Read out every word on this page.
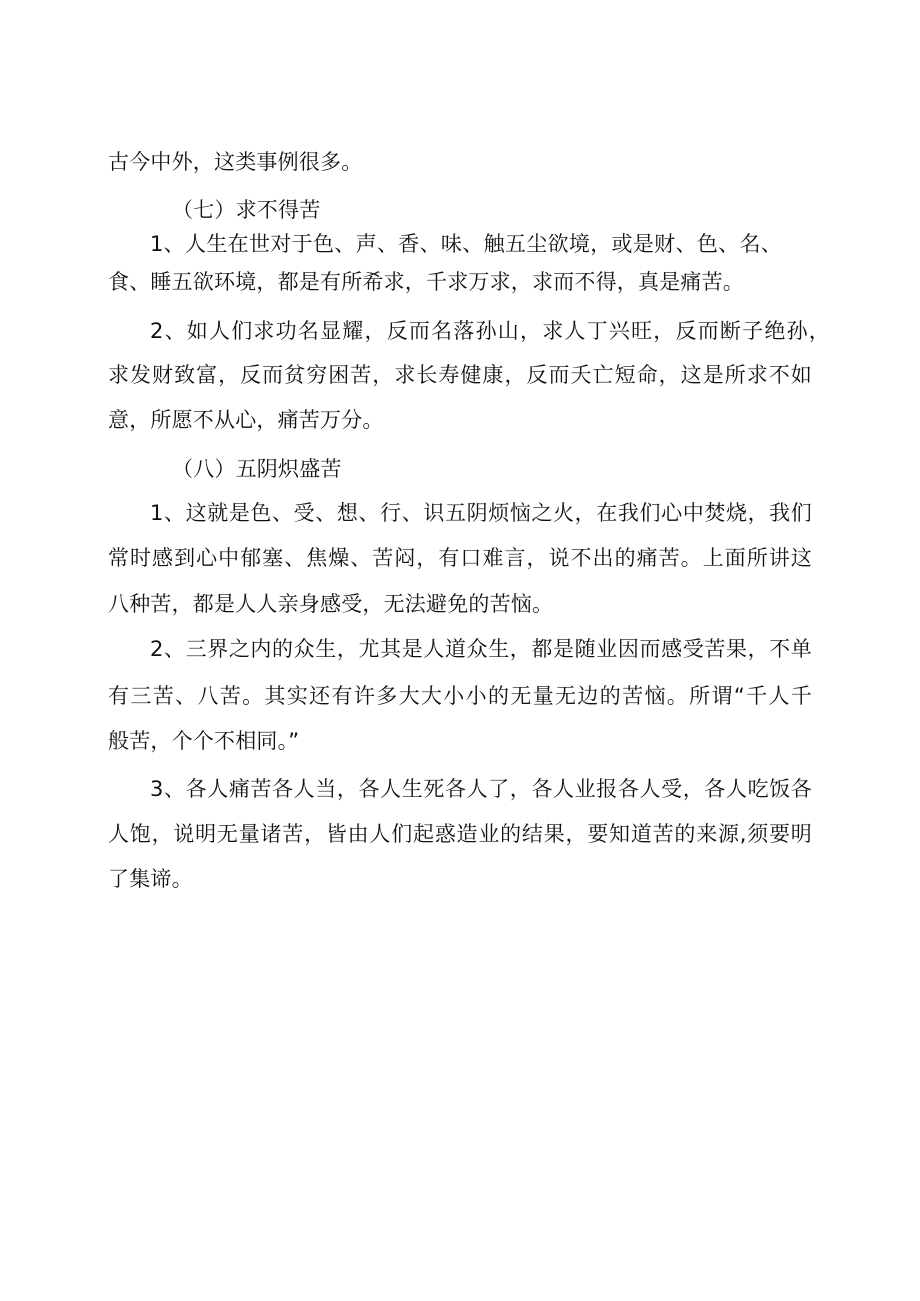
古今中外，这类事例很多。
（七）求不得苦
1、人生在世对于色、声、香、味、触五尘欲境，或是财、色、名、
食、睡五欲环境，都是有所希求，千求万求，求而不得，真是痛苦。
2、如人们求功名显耀，反而名落孙山，求人丁兴旺，反而断子绝孙，
求发财致富，反而贫穷困苦，求长寿健康，反而夭亡短命，这是所求不如
意，所愿不从心，痛苦万分。
（八）五阴炽盛苦
1、这就是色、受、想、行、识五阴烦恼之火，在我们心中焚烧，我们
常时感到心中郁塞、焦燥、苦闷，有口难言，说不出的痛苦。上面所讲这
八种苦，都是人人亲身感受，无法避免的苦恼。
2、三界之内的众生，尤其是人道众生，都是随业因而感受苦果，不单
有三苦、八苦。其实还有许多大大小小的无量无边的苦恼。所谓“千人千
般苦，个个不相同。”
3、各人痛苦各人当，各人生死各人了，各人业报各人受，各人吃饭各
人饱，说明无量诸苦，皆由人们起惑造业的结果，要知道苦的来源,须要明
了集谛。
